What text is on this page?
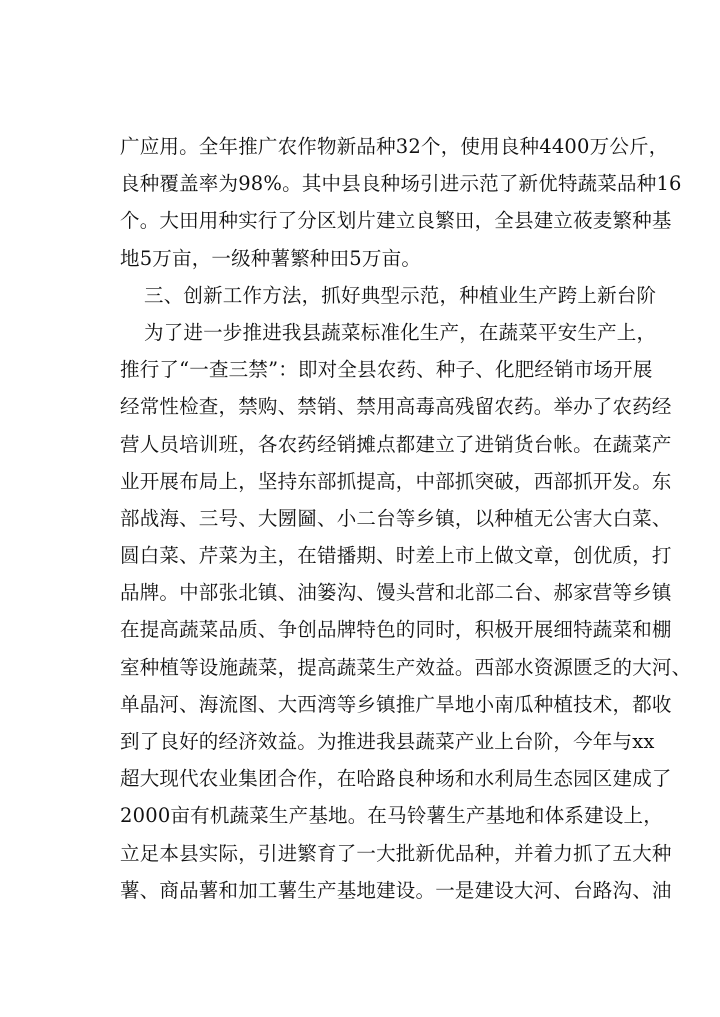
广应用。全年推广农作物新品种32个，使用良种4400万公斤，
良种覆盖率为98%。其中县良种场引进示范了新优特蔬菜品种16
个。大田用种实行了分区划片建立良繁田，全县建立莜麦繁种基
地5万亩，一级种薯繁种田5万亩。
三、创新工作方法，抓好典型示范，种植业生产跨上新台阶
为了进一步推进我县蔬菜标准化生产，在蔬菜平安生产上，
推行了“一查三禁”：即对全县农药、种子、化肥经销市场开展
经常性检查，禁购、禁销、禁用高毒高残留农药。举办了农药经
营人员培训班，各农药经销摊点都建立了进销货台帐。在蔬菜产
业开展布局上，坚持东部抓提高，中部抓突破，西部抓开发。东
部战海、三号、大圐圙、小二台等乡镇，以种植无公害大白菜、
圆白菜、芹菜为主，在错播期、时差上市上做文章，创优质，打
品牌。中部张北镇、油篓沟、馒头营和北部二台、郝家营等乡镇
在提高蔬菜品质、争创品牌特色的同时，积极开展细特蔬菜和棚
室种植等设施蔬菜，提高蔬菜生产效益。西部水资源匮乏的大河、
单晶河、海流图、大西湾等乡镇推广旱地小南瓜种植技术，都收
到了良好的经济效益。为推进我县蔬菜产业上台阶，今年与xx
超大现代农业集团合作，在哈路良种场和水利局生态园区建成了
2000亩有机蔬菜生产基地。在马铃薯生产基地和体系建设上，
立足本县实际，引进繁育了一大批新优品种，并着力抓了五大种
薯、商品薯和加工薯生产基地建设。一是建设大河、台路沟、油
